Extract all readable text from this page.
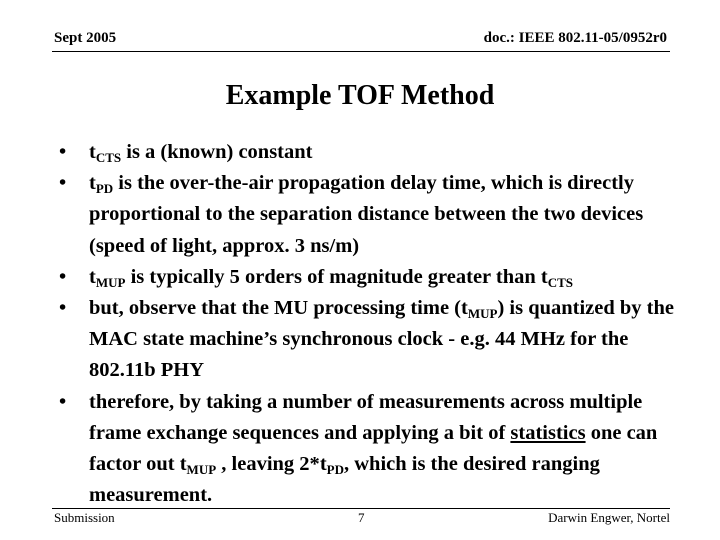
Sept 2005	doc.: IEEE 802.11-05/0952r0
Example TOF Method
• $t_{CTS}$ is a (known) constant
• $t_{PD}$ is the over-the-air propagation delay time, which is directly proportional to the separation distance between the two devices (speed of light, approx. 3 ns/m)
• $t_{MUP}$ is typically 5 orders of magnitude greater than $t_{CTS}$
• but, observe that the MU processing time $(t_{MUP})$ is quantized by the MAC state machine’s synchronous clock - e.g. 44 MHz for the 802.11b PHY
• therefore, by taking a number of measurements across multiple frame exchange sequences and applying a bit of statistics one can factor out $t_{MUP}$ , leaving $2*t_{PD}$, which is the desired ranging measurement.
Submission	7	Darwin Engwer, Nortel
